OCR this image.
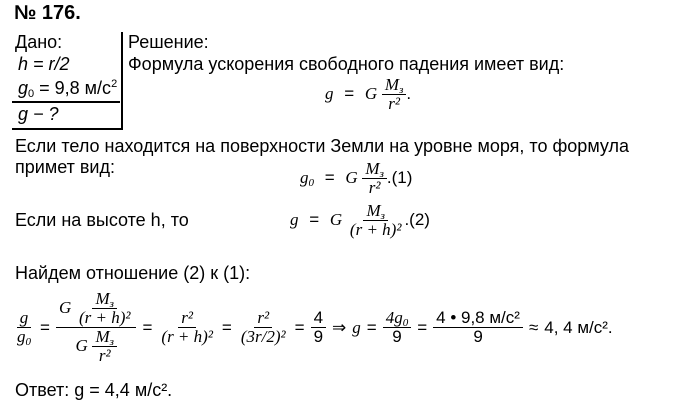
№ 176.
Дано:
h = r/2
$g_0 = 9,8$ $м/с^2$
g − ?
Решение:
Формула ускорения свободного падения имеет вид:
g = G $\frac{M_з}{\text{r²}}$ .
Если тело находится на поверхности Земли на уровне моря, то формула
примет вид:
$g_0 = G \frac{M_з}{\text{r²}} .(1)$
Если на высоте h, то	g = G $\frac{M_з}{\text{(r + h)²}} .(2)$
Найдем отношение (2) к (1):
$\frac{g}{g_0} = \frac{G \frac{M_з}{\text{(r + h)²}}}{G \frac{M_з}{\text{r²}}} = \frac{\text{r²}}{\text{(r + h)²}} = \frac{\text{r²}}{\text{(3r/2)²}} = \frac{4}{9}$ ⇒ $g = \frac{4g_0}{9} = \frac{\text{4 • 9,8 м/с²}}{9} \approx 4$, 4 м/с².
Ответ: g = 4,4 м/с².
